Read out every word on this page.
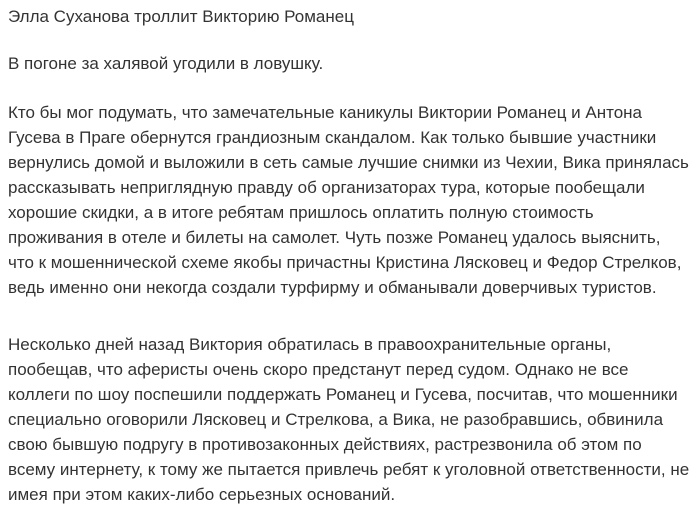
Элла Суханова троллит Викторию Романец

В погоне за халявой угодили в ловушку.

Кто бы мог подумать, что замечательные каникулы Виктории Романец и Антона Гусева в Праге обернутся грандиозным скандалом. Как только бывшие участники вернулись домой и выложили в сеть самые лучшие снимки из Чехии, Вика принялась рассказывать неприглядную правду об организаторах тура, которые пообещали хорошие скидки, а в итоге ребятам пришлось оплатить полную стоимость проживания в отеле и билеты на самолет. Чуть позже Романец удалось выяснить, что к мошеннической схеме якобы причастны Кристина Лясковец и Федор Стрелков, ведь именно они некогда создали турфирму и обманывали доверчивых туристов.

Несколько дней назад Виктория обратилась в правоохранительные органы, пообещав, что аферисты очень скоро предстанут перед судом. Однако не все коллеги по шоу поспешили поддержать Романец и Гусева, посчитав, что мошенники специально оговорили Лясковец и Стрелкова, а Вика, не разобравшись, обвинила свою бывшую подругу в противозаконных действиях, растрезвонила об этом по всему интернету, к тому же пытается привлечь ребят к уголовной ответственности, не имея при этом каких-либо серьезных оснований.
